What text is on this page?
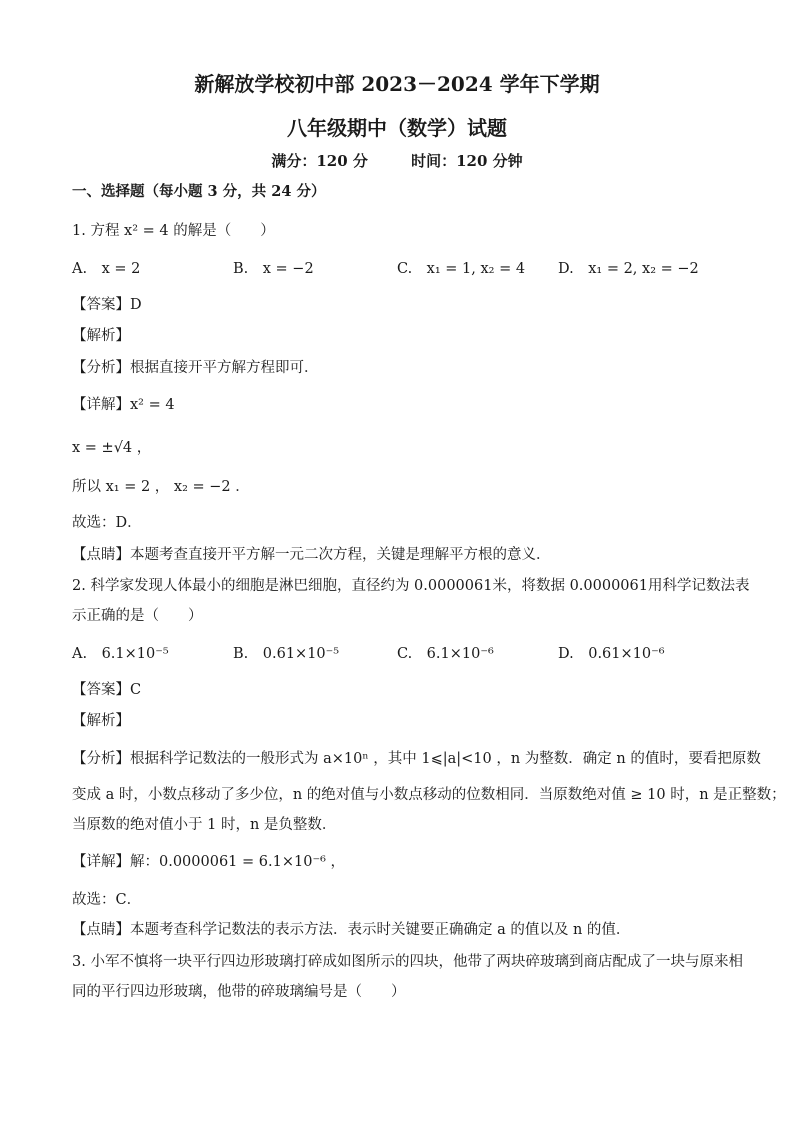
新解放学校初中部 2023－2024 学年下学期
八年级期中（数学）试题
满分：120 分	时间：120 分钟
一、选择题（每小题 3 分，共 24 分）
1. 方程 x² = 4 的解是（　　）
A.　x = 2	B.　x = −2	C.　x₁ = 1, x₂ = 4 D.　x₁ = 2, x₂ = −2
【答案】D
【解析】
【分析】根据直接开平方解方程即可．
【详解】x² = 4
x = ±√4 ，
所以 x₁ = 2 ， x₂ = −2 ．
故选：D．
【点睛】本题考查直接开平方解一元二次方程，关键是理解平方根的意义．
2. 科学家发现人体最小的细胞是淋巴细胞，直径约为 0.0000061米，将数据 0.0000061用科学记数法表
示正确的是（　　）
A.　6.1×10⁻⁵	B.　0.61×10⁻⁵	C.　6.1×10⁻⁶	D.　0.61×10⁻⁶
【答案】C
【解析】
【分析】根据科学记数法的一般形式为 a×10ⁿ ，其中 1⩽|a|<10 ，n 为整数．确定 n 的值时，要看把原数
变成 a 时，小数点移动了多少位，n 的绝对值与小数点移动的位数相同．当原数绝对值 ≥ 10 时，n 是正整数；
当原数的绝对值小于 1 时，n 是负整数．
【详解】解：0.0000061 = 6.1×10⁻⁶ ，
故选：C．
【点睛】本题考查科学记数法的表示方法．表示时关键要正确确定 a 的值以及 n 的值．
3. 小军不慎将一块平行四边形玻璃打碎成如图所示的四块，他带了两块碎玻璃到商店配成了一块与原来相
同的平行四边形玻璃，他带的碎玻璃编号是（　　）
